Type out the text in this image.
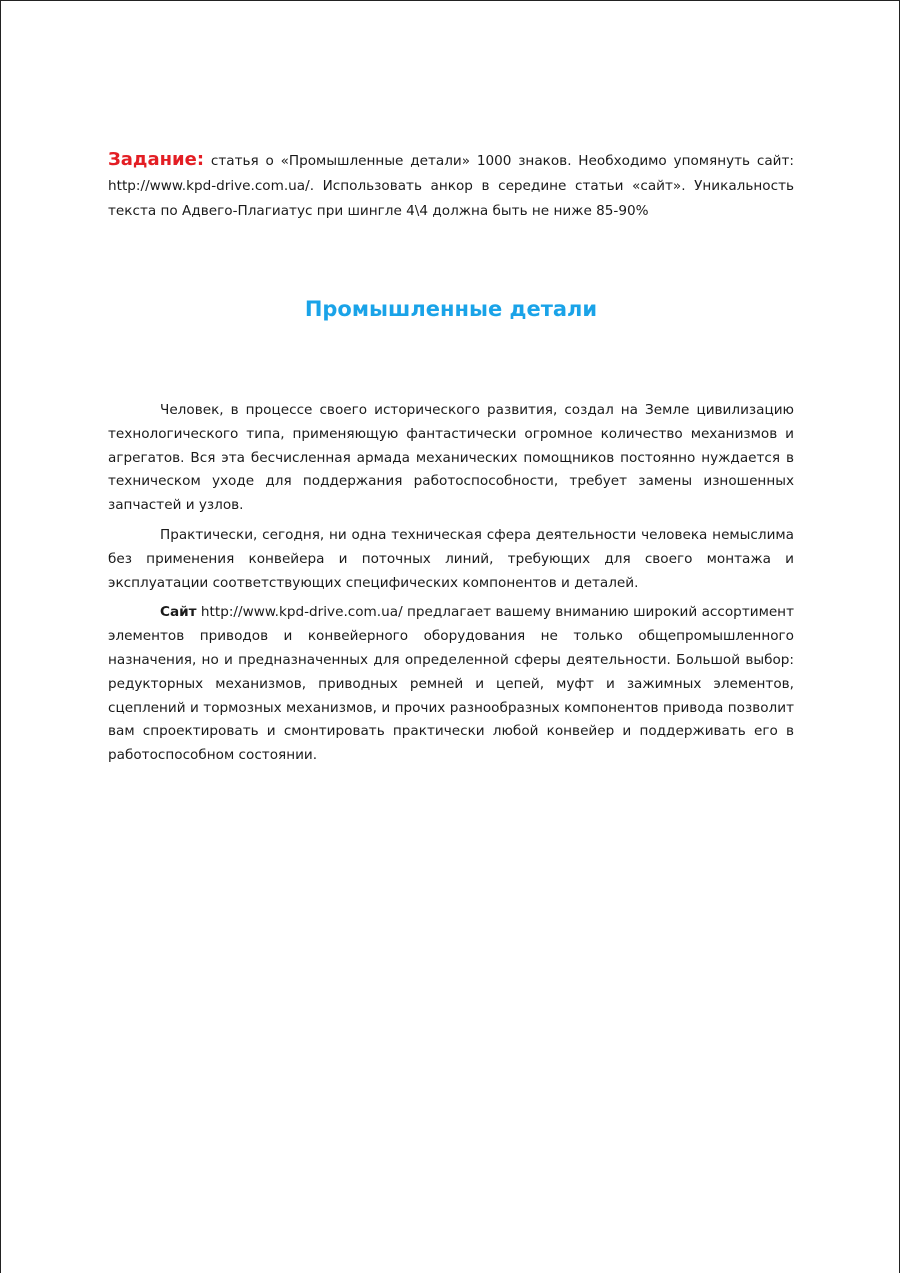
Задание: статья о «Промышленные детали» 1000 знаков. Необходимо упомянуть сайт: http://www.kpd-drive.com.ua/. Использовать анкор в середине статьи «сайт». Уникальность текста по Адвего-Плагиатус при шингле 4\4 должна быть не ниже 85-90%

Промышленные детали

Человек, в процессе своего исторического развития, создал на Земле цивилизацию технологического типа, применяющую фантастически огромное количество механизмов и агрегатов. Вся эта бесчисленная армада механических помощников постоянно нуждается в техническом уходе для поддержания работоспособности, требует замены изношенных запчастей и узлов.

Практически, сегодня, ни одна техническая сфера деятельности человека немыслима без применения конвейера и поточных линий, требующих для своего монтажа и эксплуатации соответствующих специфических компонентов и деталей.

Сайт http://www.kpd-drive.com.ua/ предлагает вашему вниманию широкий ассортимент элементов приводов и конвейерного оборудования не только общепромышленного назначения, но и предназначенных для определенной сферы деятельности. Большой выбор: редукторных механизмов, приводных ремней и цепей, муфт и зажимных элементов, сцеплений и тормозных механизмов, и прочих разнообразных компонентов привода позволит вам спроектировать и смонтировать практически любой конвейер и поддерживать его в работоспособном состоянии.
